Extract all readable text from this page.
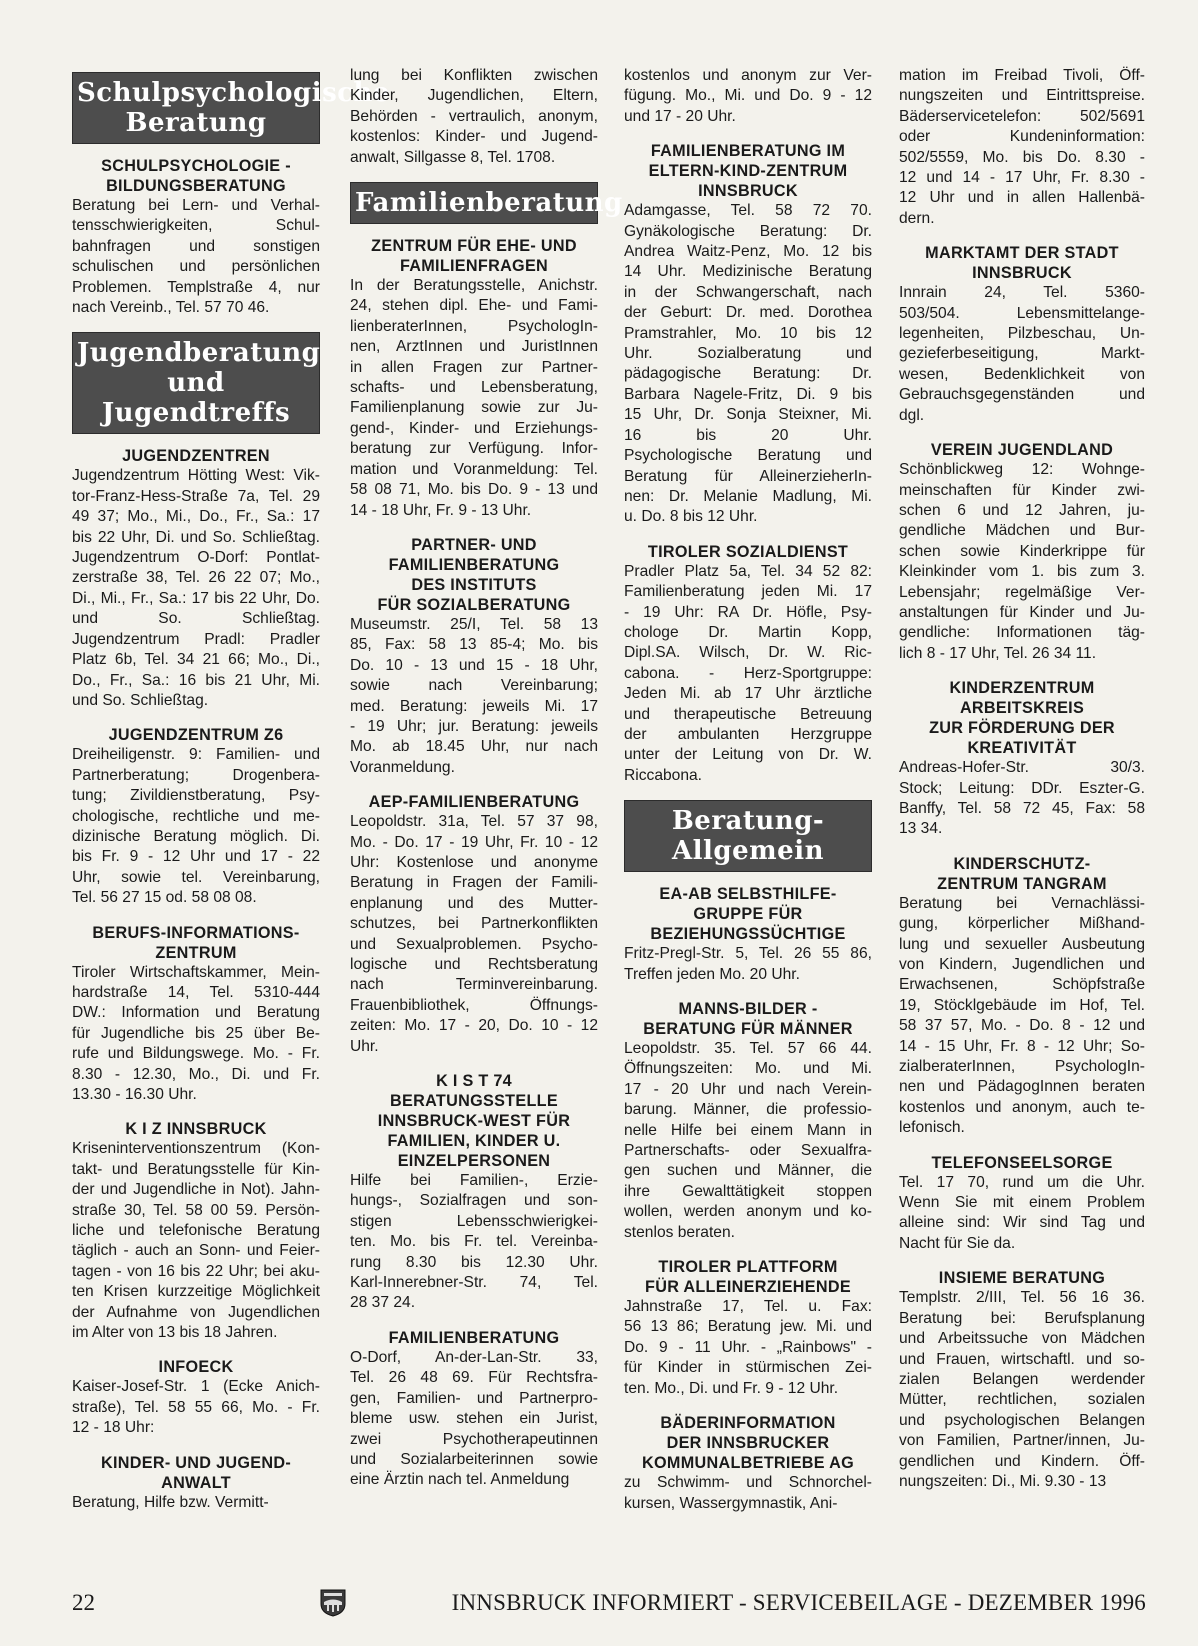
Schulpsychologische
Beratung
SCHULPSYCHOLOGIE -
BILDUNGSBERATUNG

Beratung bei Lern- und Verhal-
tensschwierigkeiten, Schul-
bahnfragen und sonstigen
schulischen und persönlichen
Problemen. Templstraße 4, nur
nach Vereinb., Tel. 57 70 46.

Jugendberatung
und Jugendtreffs
JUGENDZENTREN

Jugendzentrum Hötting West: Vik-
tor-Franz-Hess-Straße 7a, Tel. 29
49 37; Mo., Mi., Do., Fr., Sa.: 17
bis 22 Uhr, Di. und So. Schließtag.
Jugendzentrum O-Dorf: Pontlat-
zerstraße 38, Tel. 26 22 07; Mo.,
Di., Mi., Fr., Sa.: 17 bis 22 Uhr, Do.
und So. Schließtag.
Jugendzentrum Pradl: Pradler
Platz 6b, Tel. 34 21 66; Mo., Di.,
Do., Fr., Sa.: 16 bis 21 Uhr, Mi.
und So. Schließtag.

JUGENDZENTRUM Z6

Dreiheiligenstr. 9: Familien- und
Partnerberatung; Drogenbera-
tung; Zivildienstberatung, Psy-
chologische, rechtliche und me-
dizinische Beratung möglich. Di.
bis Fr. 9 - 12 Uhr und 17 - 22
Uhr, sowie tel. Vereinbarung,
Tel. 56 27 15 od. 58 08 08.

BERUFS-INFORMATIONS-
ZENTRUM

Tiroler Wirtschaftskammer, Mein-
hardstraße 14, Tel. 5310-444
DW.: Information und Beratung
für Jugendliche bis 25 über Be-
rufe und Bildungswege. Mo. - Fr.
8.30 - 12.30, Mo., Di. und Fr.
13.30 - 16.30 Uhr.

K I Z INNSBRUCK

Kriseninterventionszentrum (Kon-
takt- und Beratungsstelle für Kin-
der und Jugendliche in Not). Jahn-
straße 30, Tel. 58 00 59. Persön-
liche und telefonische Beratung
täglich - auch an Sonn- und Feier-
tagen - von 16 bis 22 Uhr; bei aku-
ten Krisen kurzzeitige Möglichkeit
der Aufnahme von Jugendlichen
im Alter von 13 bis 18 Jahren.

INFOECK

Kaiser-Josef-Str. 1 (Ecke Anich-
straße), Tel. 58 55 66, Mo. - Fr.
12 - 18 Uhr:

KINDER- UND JUGEND-
ANWALT

Beratung, Hilfe bzw. Vermitt-

lung bei Konflikten zwischen
Kinder, Jugendlichen, Eltern,
Behörden - vertraulich, anonym,
kostenlos: Kinder- und Jugend-
anwalt, Sillgasse 8, Tel. 1708.

Familienberatung
ZENTRUM FÜR EHE- UND
FAMILIENFRAGEN

In der Beratungsstelle, Anichstr.
24, stehen dipl. Ehe- und Fami-
lienberaterInnen, PsychologIn-
nen, ArztInnen und JuristInnen
in allen Fragen zur Partner-
schafts- und Lebensberatung,
Familienplanung sowie zur Ju-
gend-, Kinder- und Erziehungs-
beratung zur Verfügung. Infor-
mation und Voranmeldung: Tel.
58 08 71, Mo. bis Do. 9 - 13 und
14 - 18 Uhr, Fr. 9 - 13 Uhr.

PARTNER- UND
FAMILIENBERATUNG
DES INSTITUTS
FÜR SOZIALBERATUNG

Museumstr. 25/I, Tel. 58 13
85, Fax: 58 13 85-4; Mo. bis
Do. 10 - 13 und 15 - 18 Uhr,
sowie nach Vereinbarung;
med. Beratung: jeweils Mi. 17
- 19 Uhr; jur. Beratung: jeweils
Mo. ab 18.45 Uhr, nur nach
Voranmeldung.

AEP-FAMILIENBERATUNG

Leopoldstr. 31a, Tel. 57 37 98,
Mo. - Do. 17 - 19 Uhr, Fr. 10 - 12
Uhr: Kostenlose und anonyme
Beratung in Fragen der Famili-
enplanung und des Mutter-
schutzes, bei Partnerkonflikten
und Sexualproblemen. Psycho-
logische und Rechtsberatung
nach Terminvereinbarung.
Frauenbibliothek, Öffnungs-
zeiten: Mo. 17 - 20, Do. 10 - 12
Uhr.

K I S T 74
BERATUNGSSTELLE
INNSBRUCK-WEST FÜR
FAMILIEN, KINDER U.
EINZELPERSONEN

Hilfe bei Familien-, Erzie-
hungs-, Sozialfragen und son-
stigen Lebensschwierigkei-
ten. Mo. bis Fr. tel. Vereinba-
rung 8.30 bis 12.30 Uhr.
Karl-Innerebner-Str. 74, Tel.
28 37 24.

FAMILIENBERATUNG

O-Dorf, An-der-Lan-Str. 33,
Tel. 26 48 69. Für Rechtsfra-
gen, Familien- und Partnerpro-
bleme usw. stehen ein Jurist,
zwei Psychotherapeutinnen
und Sozialarbeiterinnen sowie
eine Ärztin nach tel. Anmeldung

kostenlos und anonym zur Ver-
fügung. Mo., Mi. und Do. 9 - 12
und 17 - 20 Uhr.

FAMILIENBERATUNG IM
ELTERN-KIND-ZENTRUM
INNSBRUCK

Adamgasse, Tel. 58 72 70.
Gynäkologische Beratung: Dr.
Andrea Waitz-Penz, Mo. 12 bis
14 Uhr. Medizinische Beratung
in der Schwangerschaft, nach
der Geburt: Dr. med. Dorothea
Pramstrahler, Mo. 10 bis 12
Uhr. Sozialberatung und
pädagogische Beratung: Dr.
Barbara Nagele-Fritz, Di. 9 bis
15 Uhr, Dr. Sonja Steixner, Mi.
16 bis 20 Uhr.
Psychologische Beratung und
Beratung für AlleinerzieherIn-
nen: Dr. Melanie Madlung, Mi.
u. Do. 8 bis 12 Uhr.

TIROLER SOZIALDIENST

Pradler Platz 5a, Tel. 34 52 82:
Familienberatung jeden Mi. 17
- 19 Uhr: RA Dr. Höfle, Psy-
chologe Dr. Martin Kopp,
Dipl.SA. Wilsch, Dr. W. Ric-
cabona. - Herz-Sportgruppe:
Jeden Mi. ab 17 Uhr ärztliche
und therapeutische Betreuung
der ambulanten Herzgruppe
unter der Leitung von Dr. W.
Riccabona.

Beratung-Allgemein
EA-AB SELBSTHILFE-
GRUPPE FÜR
BEZIEHUNGSSÜCHTIGE

Fritz-Pregl-Str. 5, Tel. 26 55 86,
Treffen jeden Mo. 20 Uhr.

MANNS-BILDER -
BERATUNG FÜR MÄNNER

Leopoldstr. 35. Tel. 57 66 44.
Öffnungszeiten: Mo. und Mi.
17 - 20 Uhr und nach Verein-
barung. Männer, die professio-
nelle Hilfe bei einem Mann in
Partnerschafts- oder Sexualfra-
gen suchen und Männer, die
ihre Gewalttätigkeit stoppen
wollen, werden anonym und ko-
stenlos beraten.

TIROLER PLATTFORM
FÜR ALLEINERZIEHENDE

Jahnstraße 17, Tel. u. Fax:
56 13 86; Beratung jew. Mi. und
Do. 9 - 11 Uhr. - „Rainbows" -
für Kinder in stürmischen Zei-
ten. Mo., Di. und Fr. 9 - 12 Uhr.

BÄDERINFORMATION
DER INNSBRUCKER
KOMMUNALBETRIEBE AG

zu Schwimm- und Schnorchel-
kursen, Wassergymnastik, Ani-

mation im Freibad Tivoli, Öff-
nungszeiten und Eintrittspreise.
Bäderservicetelefon: 502/5691
oder Kundeninformation:
502/5559, Mo. bis Do. 8.30 -
12 und 14 - 17 Uhr, Fr. 8.30 -
12 Uhr und in allen Hallenbä-
dern.

MARKTAMT DER STADT
INNSBRUCK

Innrain 24, Tel. 5360-
503/504. Lebensmittelange-
legenheiten, Pilzbeschau, Un-
gezieferbeseitigung, Markt-
wesen, Bedenklichkeit von
Gebrauchsgegenständen und
dgl.

VEREIN JUGENDLAND

Schönblickweg 12: Wohnge-
meinschaften für Kinder zwi-
schen 6 und 12 Jahren, ju-
gendliche Mädchen und Bur-
schen sowie Kinderkrippe für
Kleinkinder vom 1. bis zum 3.
Lebensjahr; regelmäßige Ver-
anstaltungen für Kinder und Ju-
gendliche: Informationen täg-
lich 8 - 17 Uhr, Tel. 26 34 11.

KINDERZENTRUM
ARBEITSKREIS
ZUR FÖRDERUNG DER
KREATIVITÄT

Andreas-Hofer-Str. 30/3.
Stock; Leitung: DDr. Eszter-G.
Banffy, Tel. 58 72 45, Fax: 58
13 34.

KINDERSCHUTZ-
ZENTRUM TANGRAM

Beratung bei Vernachlässi-
gung, körperlicher Mißhand-
lung und sexueller Ausbeutung
von Kindern, Jugendlichen und
Erwachsenen, Schöpfstraße
19, Stöcklgebäude im Hof, Tel.
58 37 57, Mo. - Do. 8 - 12 und
14 - 15 Uhr, Fr. 8 - 12 Uhr; So-
zialberaterInnen, PsychologIn-
nen und PädagogInnen beraten
kostenlos und anonym, auch te-
lefonisch.

TELEFONSEELSORGE

Tel. 17 70, rund um die Uhr.
Wenn Sie mit einem Problem
alleine sind: Wir sind Tag und
Nacht für Sie da.

INSIEME BERATUNG

Templstr. 2/III, Tel. 56 16 36.
Beratung bei: Berufsplanung
und Arbeitssuche von Mädchen
und Frauen, wirtschaftl. und so-
zialen Belangen werdender
Mütter, rechtlichen, sozialen
und psychologischen Belangen
von Familien, Partner/innen, Ju-
gendlichen und Kindern. Öff-
nungszeiten: Di., Mi. 9.30 - 13

22	INNSBRUCK INFORMIERT - SERVICEBEILAGE - DEZEMBER 1996
